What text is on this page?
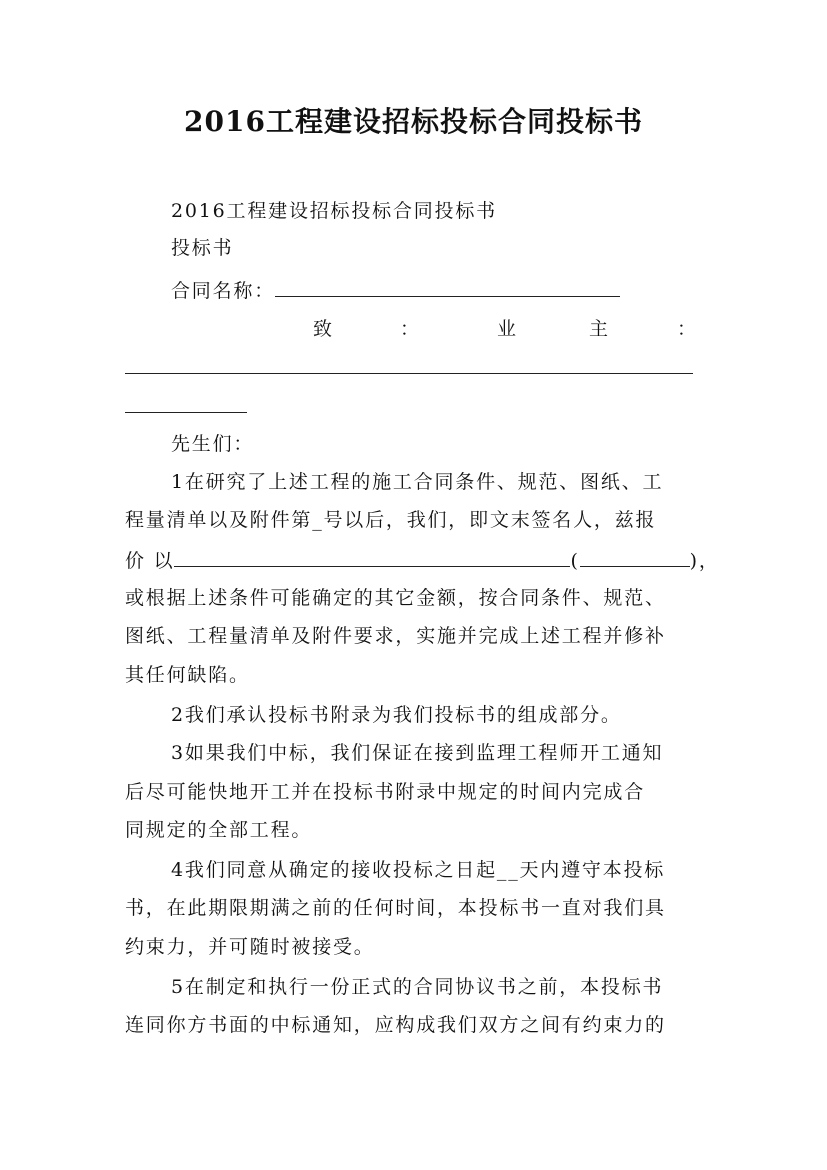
2016工程建设招标投标合同投标书
2016工程建设招标投标合同投标书
投标书
合同名称：
致	：	业	主	：
先生们：
1在研究了上述工程的施工合同条件、规范、图纸、工
程量清单以及附件第_号以后，我们，即文末签名人，兹报
价 以	(	)，
或根据上述条件可能确定的其它金额，按合同条件、规范、
图纸、工程量清单及附件要求，实施并完成上述工程并修补
其任何缺陷。
2我们承认投标书附录为我们投标书的组成部分。
3如果我们中标，我们保证在接到监理工程师开工通知
后尽可能快地开工并在投标书附录中规定的时间内完成合
同规定的全部工程。
4我们同意从确定的接收投标之日起__天内遵守本投标
书，在此期限期满之前的任何时间，本投标书一直对我们具
约束力，并可随时被接受。
5在制定和执行一份正式的合同协议书之前，本投标书
连同你方书面的中标通知，应构成我们双方之间有约束力的
